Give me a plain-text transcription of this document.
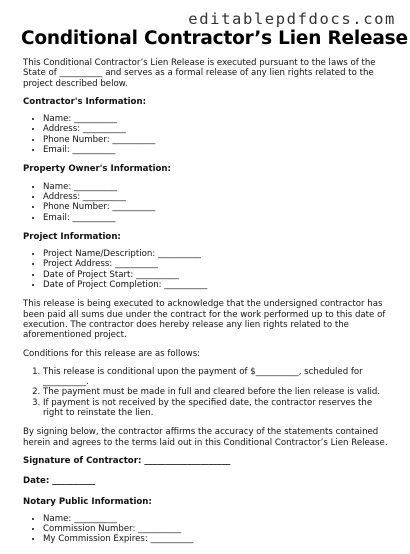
editablepdfdocs.com
Conditional Contractor’s Lien Release

This Conditional Contractor’s Lien Release is executed pursuant to the laws of the State of __________ and serves as a formal release of any lien rights related to the project described below.

Contractor's Information:
• Name: __________
• Address: __________
• Phone Number: __________
• Email: __________
Property Owner's Information:
• Name: __________
• Address: __________
• Phone Number: __________
• Email: __________
Project Information:
• Project Name/Description: __________
• Project Address: __________
• Date of Project Start: __________
• Date of Project Completion: __________

This release is being executed to acknowledge that the undersigned contractor has been paid all sums due under the contract for the work performed up to this date of execution. The contractor does hereby release any lien rights related to the aforementioned project.

Conditions for this release are as follows:

1. This release is conditional upon the payment of $__________, scheduled for __________.
2. The payment must be made in full and cleared before the lien release is valid.
3. If payment is not received by the specified date, the contractor reserves the right to reinstate the lien.

By signing below, the contractor affirms the accuracy of the statements contained herein and agrees to the terms laid out in this Conditional Contractor’s Lien Release.

Signature of Contractor: ____________________
Date: __________
Notary Public Information:
• Name: __________
• Commission Number: __________
• My Commission Expires: __________
